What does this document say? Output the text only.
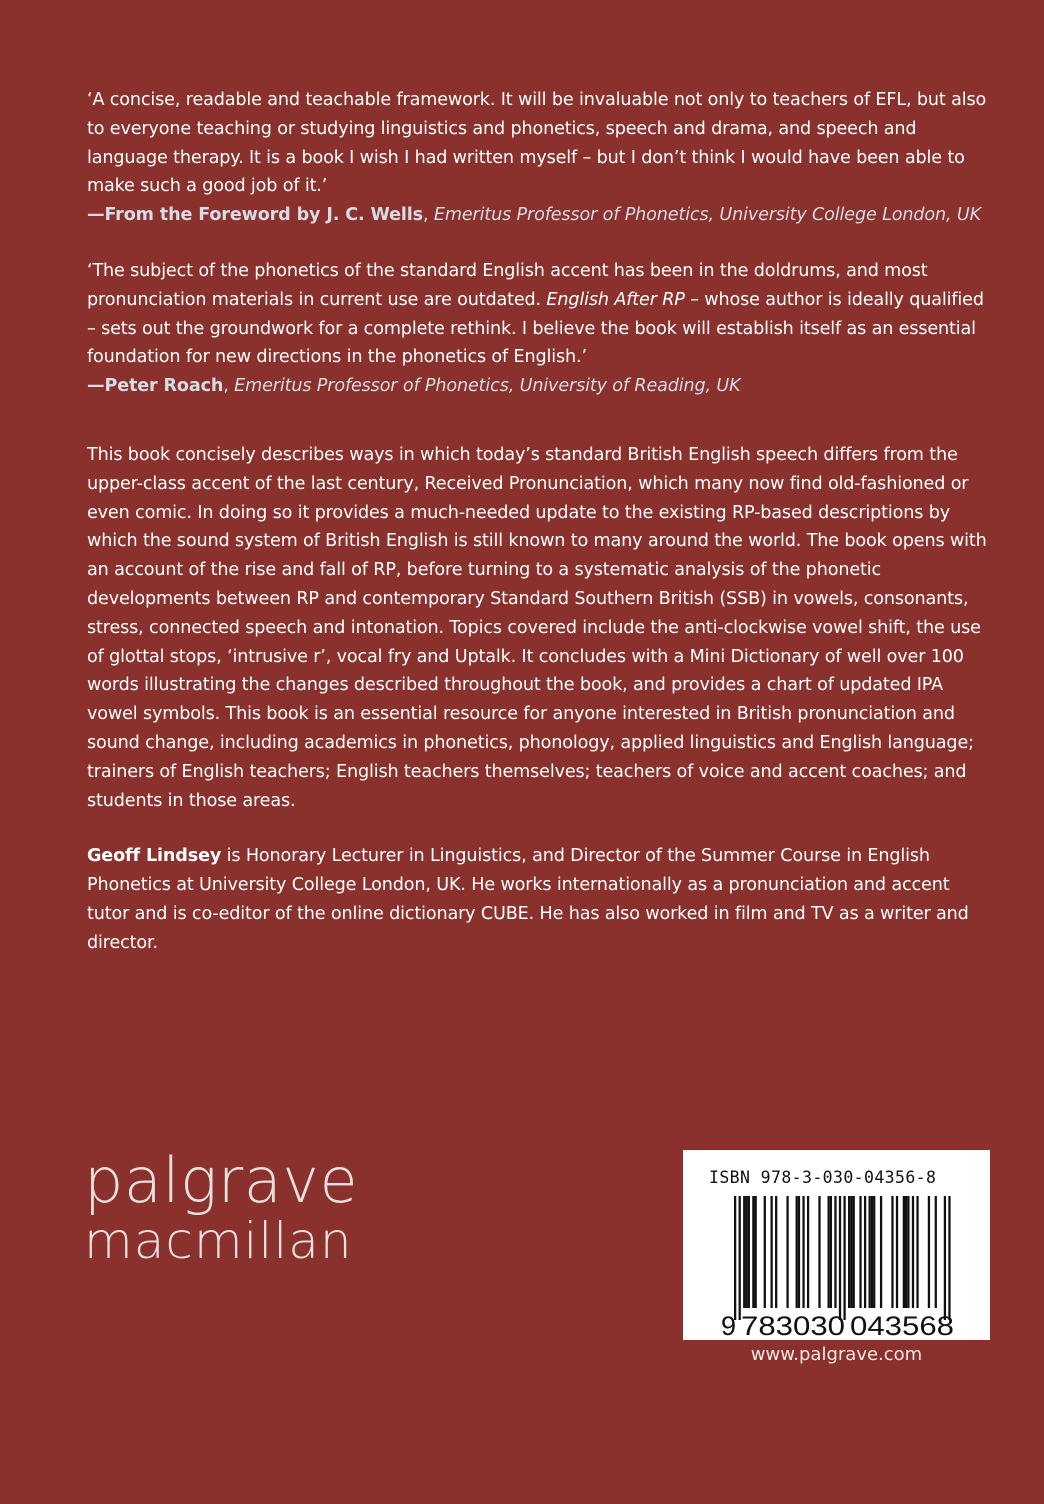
‘A concise, readable and teachable framework. It will be invaluable not only to teachers of EFL, but also to everyone teaching or studying linguistics and phonetics, speech and drama, and speech and language therapy. It is a book I wish I had written myself – but I don’t think I would have been able to make such a good job of it.’

—From the Foreword by J. C. Wells, Emeritus Professor of Phonetics, University College London, UK

‘The subject of the phonetics of the standard English accent has been in the doldrums, and most pronunciation materials in current use are outdated. English After RP – whose author is ideally qualified – sets out the groundwork for a complete rethink. I believe the book will establish itself as an essential foundation for new directions in the phonetics of English.’

—Peter Roach, Emeritus Professor of Phonetics, University of Reading, UK

This book concisely describes ways in which today’s standard British English speech differs from the upper-class accent of the last century, Received Pronunciation, which many now find old-fashioned or even comic. In doing so it provides a much-needed update to the existing RP-based descriptions by which the sound system of British English is still known to many around the world. The book opens with an account of the rise and fall of RP, before turning to a systematic analysis of the phonetic developments between RP and contemporary Standard Southern British (SSB) in vowels, consonants, stress, connected speech and intonation. Topics covered include the anti-clockwise vowel shift, the use of glottal stops, ‘intrusive r’, vocal fry and Uptalk. It concludes with a Mini Dictionary of well over 100 words illustrating the changes described throughout the book, and provides a chart of updated IPA vowel symbols. This book is an essential resource for anyone interested in British pronunciation and sound change, including academics in phonetics, phonology, applied linguistics and English language; trainers of English teachers; English teachers themselves; teachers of voice and accent coaches; and students in those areas.

Geoff Lindsey is Honorary Lecturer in Linguistics, and Director of the Summer Course in English Phonetics at University College London, UK. He works internationally as a pronunciation and accent tutor and is co-editor of the online dictionary CUBE. He has also worked in film and TV as a writer and director.

palgrave
macmillan
ISBN 978-3-030-04356-8
9 783030 043568
www.palgrave.com
